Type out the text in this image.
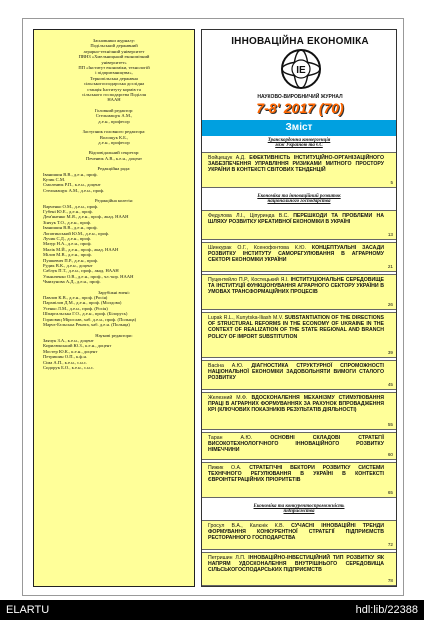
Засновники журналу:
Подільський державний
аграрно-технічний університет
ПВНЗ «Хмельницький економічний
університет»
ПП «Інститут економіки, технологій
і підприємництва»,
Тернопільська державна
сільськогосподарська дослідна
станція Інституту кормів та
сільського господарства Поділля
НААН
Головний редактор:
Стельмащук А.М.,
д.е.н., професор
Заступник головного редактора:
Волощук К.Б.,
д.е.н., професор
Відповідальний секретар:
Печенюк А.В., к.е.н., доцент
Редакційна рада:
Іванишин В.В., д.е.н., проф.
Кузик С.М.
Смоленюк Р.П., к.е.н., доцент
Стельмащук А.М., д.е.н., проф.
Редакційна колегія:
Варченко О.М., д.е.н., проф.
Губені Ю.Е., д.е.н., проф.
Дем'яненко М.Я., д.е.н., проф., акад. НААН
Зінчук Т.О., д.е.н., проф.
Іванишин В.В., д.е.н., проф.
Лопатинський Ю.М., д.е.н., проф.
Лучик С.Д., д.е.н., проф.
Мазур Н.А., д.е.н., проф.
Малік М.Й., д.е.н., проф., акад. НААН
Мілов М.В., д.е.н., проф.
Пушкевич П.Р., д.е.н., проф.
Рудик В.К., д.е.н., доцент
Саблук П.Т., д.е.н., проф., акад. НААН
Ульянченко О.В., д.е.н., проф., чл.-кор. НААН
Чмихунова А.Д., д.е.н., проф.
Зарубіжні вчені:
Павлов К.В., д.е.н., проф. (Росія)
Пархвілов Д.М., д.е.н., проф. (Молдова)
Усенко Л.М., д.е.н., проф. (Росія)
Шпаргальська Г.О., д.е.н., проф. (Білорусь)
Гориовиц Мірослав, хаб. д.е.н., проф. (Польща)
Марчє-Бєльська Рената, хаб. д.е.н. (Польща)
Наукові редактори:
Заячук З.А., к.е.н., доцент
Кирилюкський Ю.З., к.е.н., доцент
Мостер Ю.К., к.е.н., доцент
Петришин О.П., к.ф.н.
Сіма А.П., к.е.н., с.н.с.
Сидорук Б.О., к.е.н., с.н.с.
ІННОВАЦІЙНА ЕКОНОМІКА
IE
НАУКОВО-ВИРОБНИЧИЙ ЖУРНАЛ
7-8' 2017 (70)
Зміст
Транскордонна конвергенція
між Україною та ЄС
Войцещук А.Д. ЕФЕКТИВНІСТЬ ІНСТИТУЦІЙНО-ОРГАНІЗАЦІЙНОГО ЗАБЕЗПЕЧЕННЯ УПРАВЛІННЯ РИЗИКАМИ МИТНОГО ПРОСТОРУ УКРАЇНИ В КОНТЕКСТІ СВІТОВИХ ТЕНДЕНЦІЙ
5
Економіка та інноваційний розвиток
національного господарства
Федулова Л.І., Ціпуринда В.С. ПЕРЕШКОДИ ТА ПРОБЛЕМИ НА ШЛЯХУ РОЗВИТКУ КРЕАТИВНОЇ ЕКОНОМІКИ В УКРАЇНІ
13
Шинкурак О.Г., Ксенофонтова К.Ю. КОНЦЕПТУАЛЬНІ ЗАСАДИ РОЗВИТКУ ІНСТИТУТУ САМОРЕГУЛЮВАННЯ В АГРАРНОМУ СЕКТОРІ ЕКОНОМІКИ УКРАЇНИ
21
Пуцентейло П.Р., Костецький Я.І. ІНСТИТУЦІОНАЛЬНЕ СЕРЕДОВИЩЕ ТА ІНСТИТУЦІЇ ФУНКЦІОНУВАННЯ АГРАРНОГО СЕКТОРУ УКРАЇНИ В УМОВАХ ТРАНСФОРМАЦІЙНИХ ПРОЦЕСІВ
26
Lupak R.L., Kunytska-Iliash M.V. SUBSTANTIATION OF THE DIRECTIONS OF STRUCTURAL REFORMS IN THE ECONOMY OF UKRAINE IN THE CONTEXT OF REALIZATION OF THE STATE REGIONAL AND BRANCH POLICY OF IMPORT SUBSTITUTION
39
Васіна А.Ю. ДІАГНОСТИКА СТРУКТУРНОЇ СПРОМОЖНОСТІ НАЦІОНАЛЬНОЇ ЕКОНОМІКИ ЗАДОВОЛЬНЯТИ ВИМОГИ СТАЛОГО РОЗВИТКУ
45
Железний М.Ф. ВДОСКОНАЛЕННЯ МЕХАНІЗМУ СТИМУЛЮВАННЯ ПРАЦІ В АГРАРНИХ ФОРМУВАННЯХ ЗА РАХУНОК ВПРОВАДЖЕННЯ КРІ (КЛЮЧОВИХ ПОКАЗНИКІВ РЕЗУЛЬТАТІВ ДІЯЛЬНОСТІ)
55
Таран А.Ю. ОСНОВНІ СКЛАДОВІ СТРАТЕГІЇ ВИСОКОТЕХНОЛОГІЧНОГО ІННОВАЦІЙНОГО РОЗВИТКУ НІМЕЧЧИНИ
60
Пижик О.А. СТРАТЕГІЧНІ ВЕКТОРИ РОЗВИТКУ СИСТЕМИ ТЕХНІЧНОГО РЕГУЛЮВАННЯ В УКРАЇНІ В КОНТЕКСТІ ЄВРОІНТЕГРАЦІЙНИХ ПРІОРИТЕТІВ
65
Економіка та конкурентоспроможність
підприємства
Гросул В.А., Калєнік К.В. СУЧАСНІ ІННОВАЦІЙНІ ТРЕНДИ ФОРМУВАННЯ КОНКУРЕНТНОЇ СТРАТЕГІЇ ПІДПРИЄМСТВ РЕСТОРАННОГО ГОСПОДАРСТВА
72
Петришин Л.П. ІННОВАЦІЙНО-ІНВЕСТИЦІЙНИЙ ТИП РОЗВИТКУ ЯК НАПРЯМ УДОСКОНАЛЕННЯ ВНУТРІШНЬОГО СЕРЕДОВИЩА СІЛЬСЬКОГОСПОДАРСЬКИХ ПІДПРИЄМСТВ
78
ELARTU	hdl:lib/22388
